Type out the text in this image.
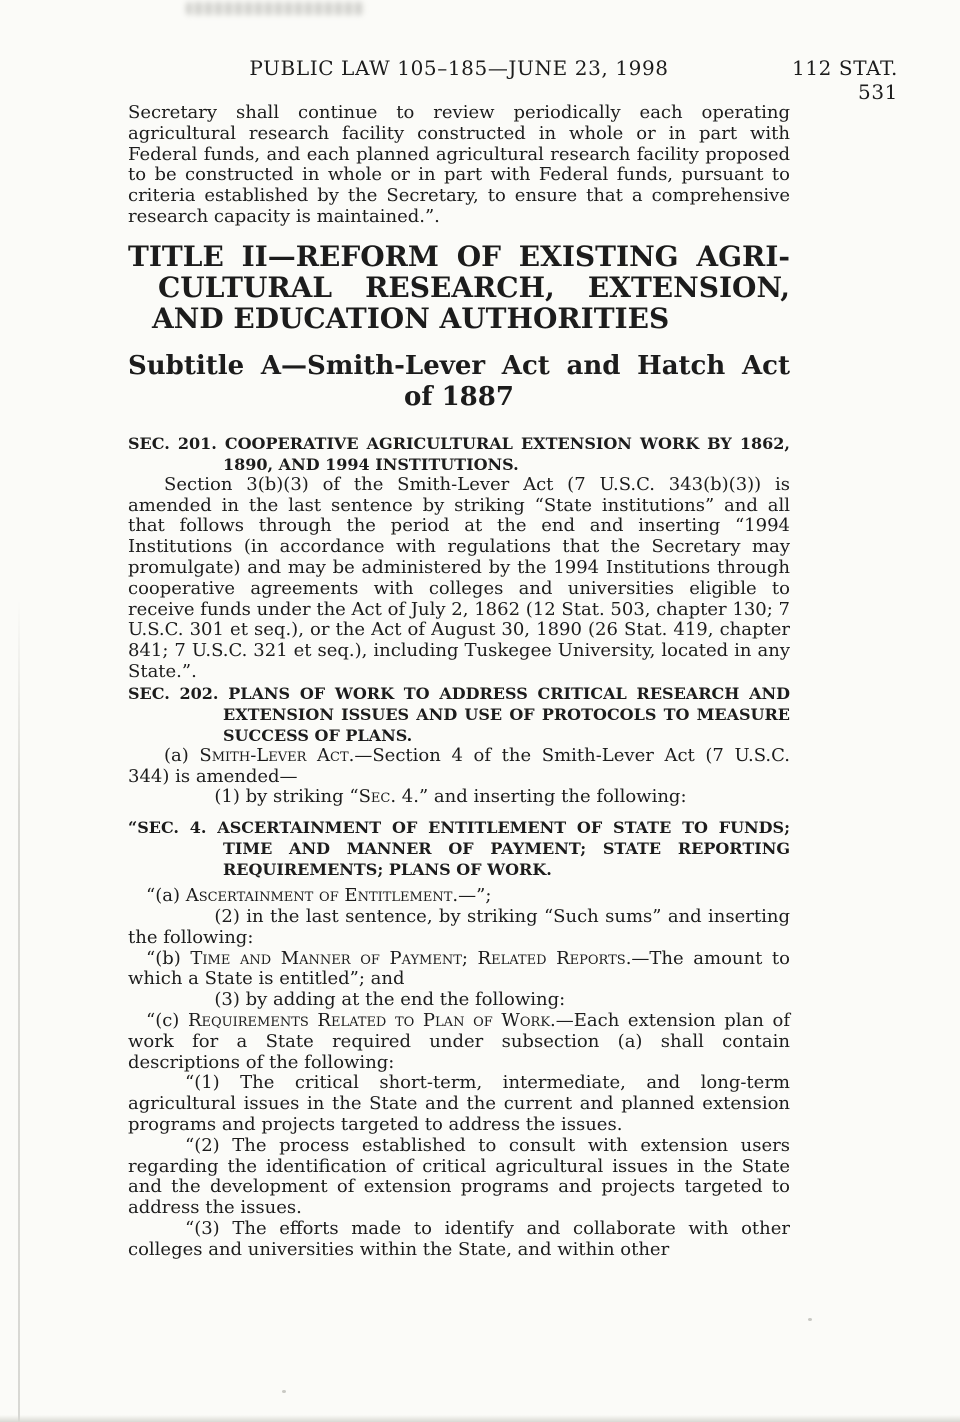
PUBLIC LAW 105–185—JUNE 23, 1998	112 STAT. 531

Secretary shall continue to review periodically each operating agricultural research facility constructed in whole or in part with Federal funds, and each planned agricultural research facility proposed to be constructed in whole or in part with Federal funds, pursuant to criteria established by the Secretary, to ensure that a comprehensive research capacity is maintained.”.

TITLE II—REFORM OF EXISTING AGRI-
CULTURAL RESEARCH, EXTENSION,
AND EDUCATION AUTHORITIES
Subtitle A—Smith-Lever Act and Hatch Act
of 1887

SEC. 201. COOPERATIVE AGRICULTURAL EXTENSION WORK BY 1862, 1890, AND 1994 INSTITUTIONS.

Section 3(b)(3) of the Smith-Lever Act (7 U.S.C. 343(b)(3)) is amended in the last sentence by striking “State institutions” and all that follows through the period at the end and inserting “1994 Institutions (in accordance with regulations that the Secretary may promulgate) and may be administered by the 1994 Institutions through cooperative agreements with colleges and universities eligible to receive funds under the Act of July 2, 1862 (12 Stat. 503, chapter 130; 7 U.S.C. 301 et seq.), or the Act of August 30, 1890 (26 Stat. 419, chapter 841; 7 U.S.C. 321 et seq.), including Tuskegee University, located in any State.”.

SEC. 202. PLANS OF WORK TO ADDRESS CRITICAL RESEARCH AND EXTENSION ISSUES AND USE OF PROTOCOLS TO MEASURE SUCCESS OF PLANS.

(a) Smith-Lever Act.—Section 4 of the Smith-Lever Act (7 U.S.C. 344) is amended—

(1) by striking “Sec. 4.” and inserting the following:

“SEC. 4. ASCERTAINMENT OF ENTITLEMENT OF STATE TO FUNDS; TIME AND MANNER OF PAYMENT; STATE REPORTING REQUIREMENTS; PLANS OF WORK.

“(a) Ascertainment of Entitlement.—”;

(2) in the last sentence, by striking “Such sums” and inserting the following:

“(b) Time and Manner of Payment; Related Reports.—The amount to which a State is entitled”; and

(3) by adding at the end the following:

“(c) Requirements Related to Plan of Work.—Each extension plan of work for a State required under subsection (a) shall contain descriptions of the following:

“(1) The critical short-term, intermediate, and long-term agricultural issues in the State and the current and planned extension programs and projects targeted to address the issues.

“(2) The process established to consult with extension users regarding the identification of critical agricultural issues in the State and the development of extension programs and projects targeted to address the issues.

“(3) The efforts made to identify and collaborate with other colleges and universities within the State, and within other
